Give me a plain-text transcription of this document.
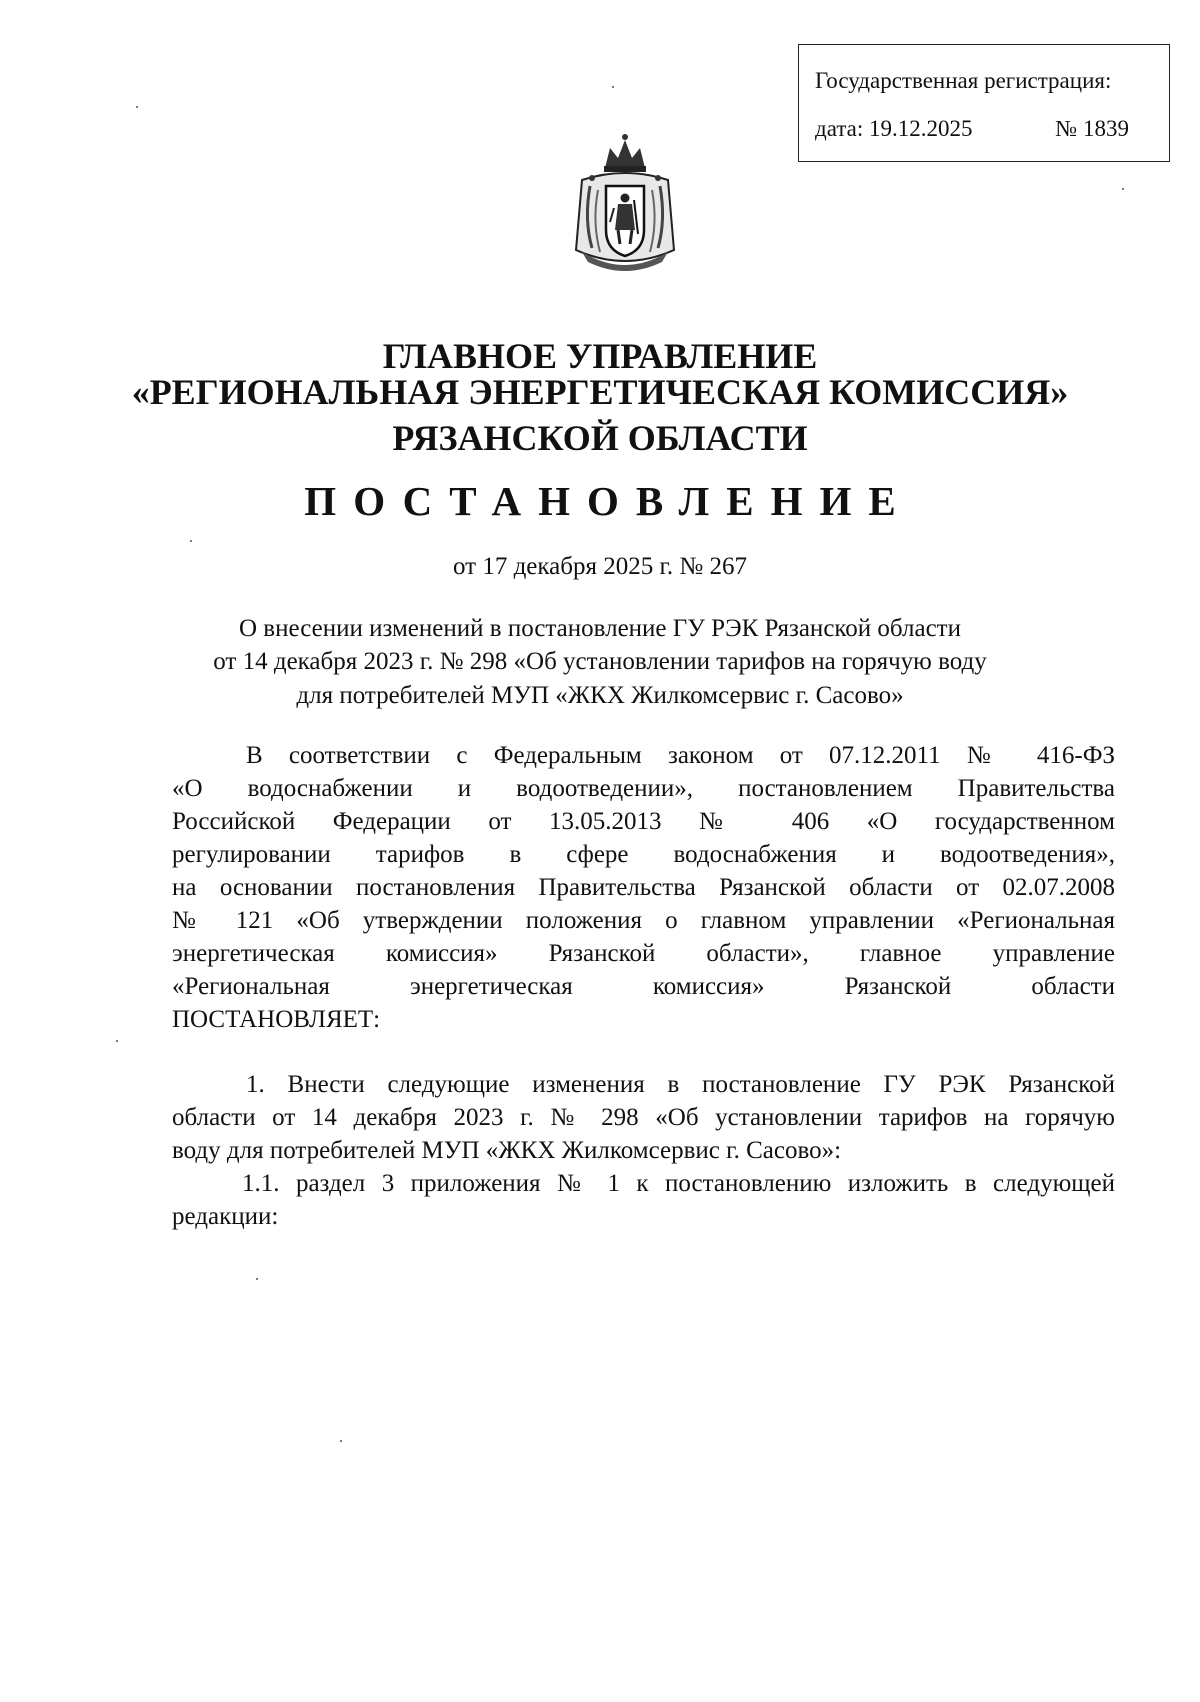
Государственная регистрация:
дата: 19.12.2025	№ 1839
ГЛАВНОЕ УПРАВЛЕНИЕ
«РЕГИОНАЛЬНАЯ ЭНЕРГЕТИЧЕСКАЯ КОМИССИЯ»
РЯЗАНСКОЙ ОБЛАСТИ
ПОСТАНОВЛЕНИЕ
от 17 декабря 2025 г. № 267
О внесении изменений в постановление ГУ РЭК Рязанской области
от 14 декабря 2023 г. № 298 «Об установлении тарифов на горячую воду
для потребителей МУП «ЖКХ Жилкомсервис г. Сасово»
В соответствии с Федеральным законом от 07.12.2011 № 416-ФЗ
«О водоснабжении и водоотведении», постановлением Правительства
Российской Федерации от 13.05.2013 № 406 «О государственном
регулировании тарифов в сфере водоснабжения и водоотведения»,
на основании постановления Правительства Рязанской области от 02.07.2008
№ 121 «Об утверждении положения о главном управлении «Региональная
энергетическая комиссия» Рязанской области», главное управление
«Региональная энергетическая комиссия» Рязанской области
ПОСТАНОВЛЯЕТ:
1. Внести следующие изменения в постановление ГУ РЭК Рязанской
области от 14 декабря 2023 г. № 298 «Об установлении тарифов на горячую
воду для потребителей МУП «ЖКХ Жилкомсервис г. Сасово»:
1.1. раздел 3 приложения № 1 к постановлению изложить в следующей
редакции:
